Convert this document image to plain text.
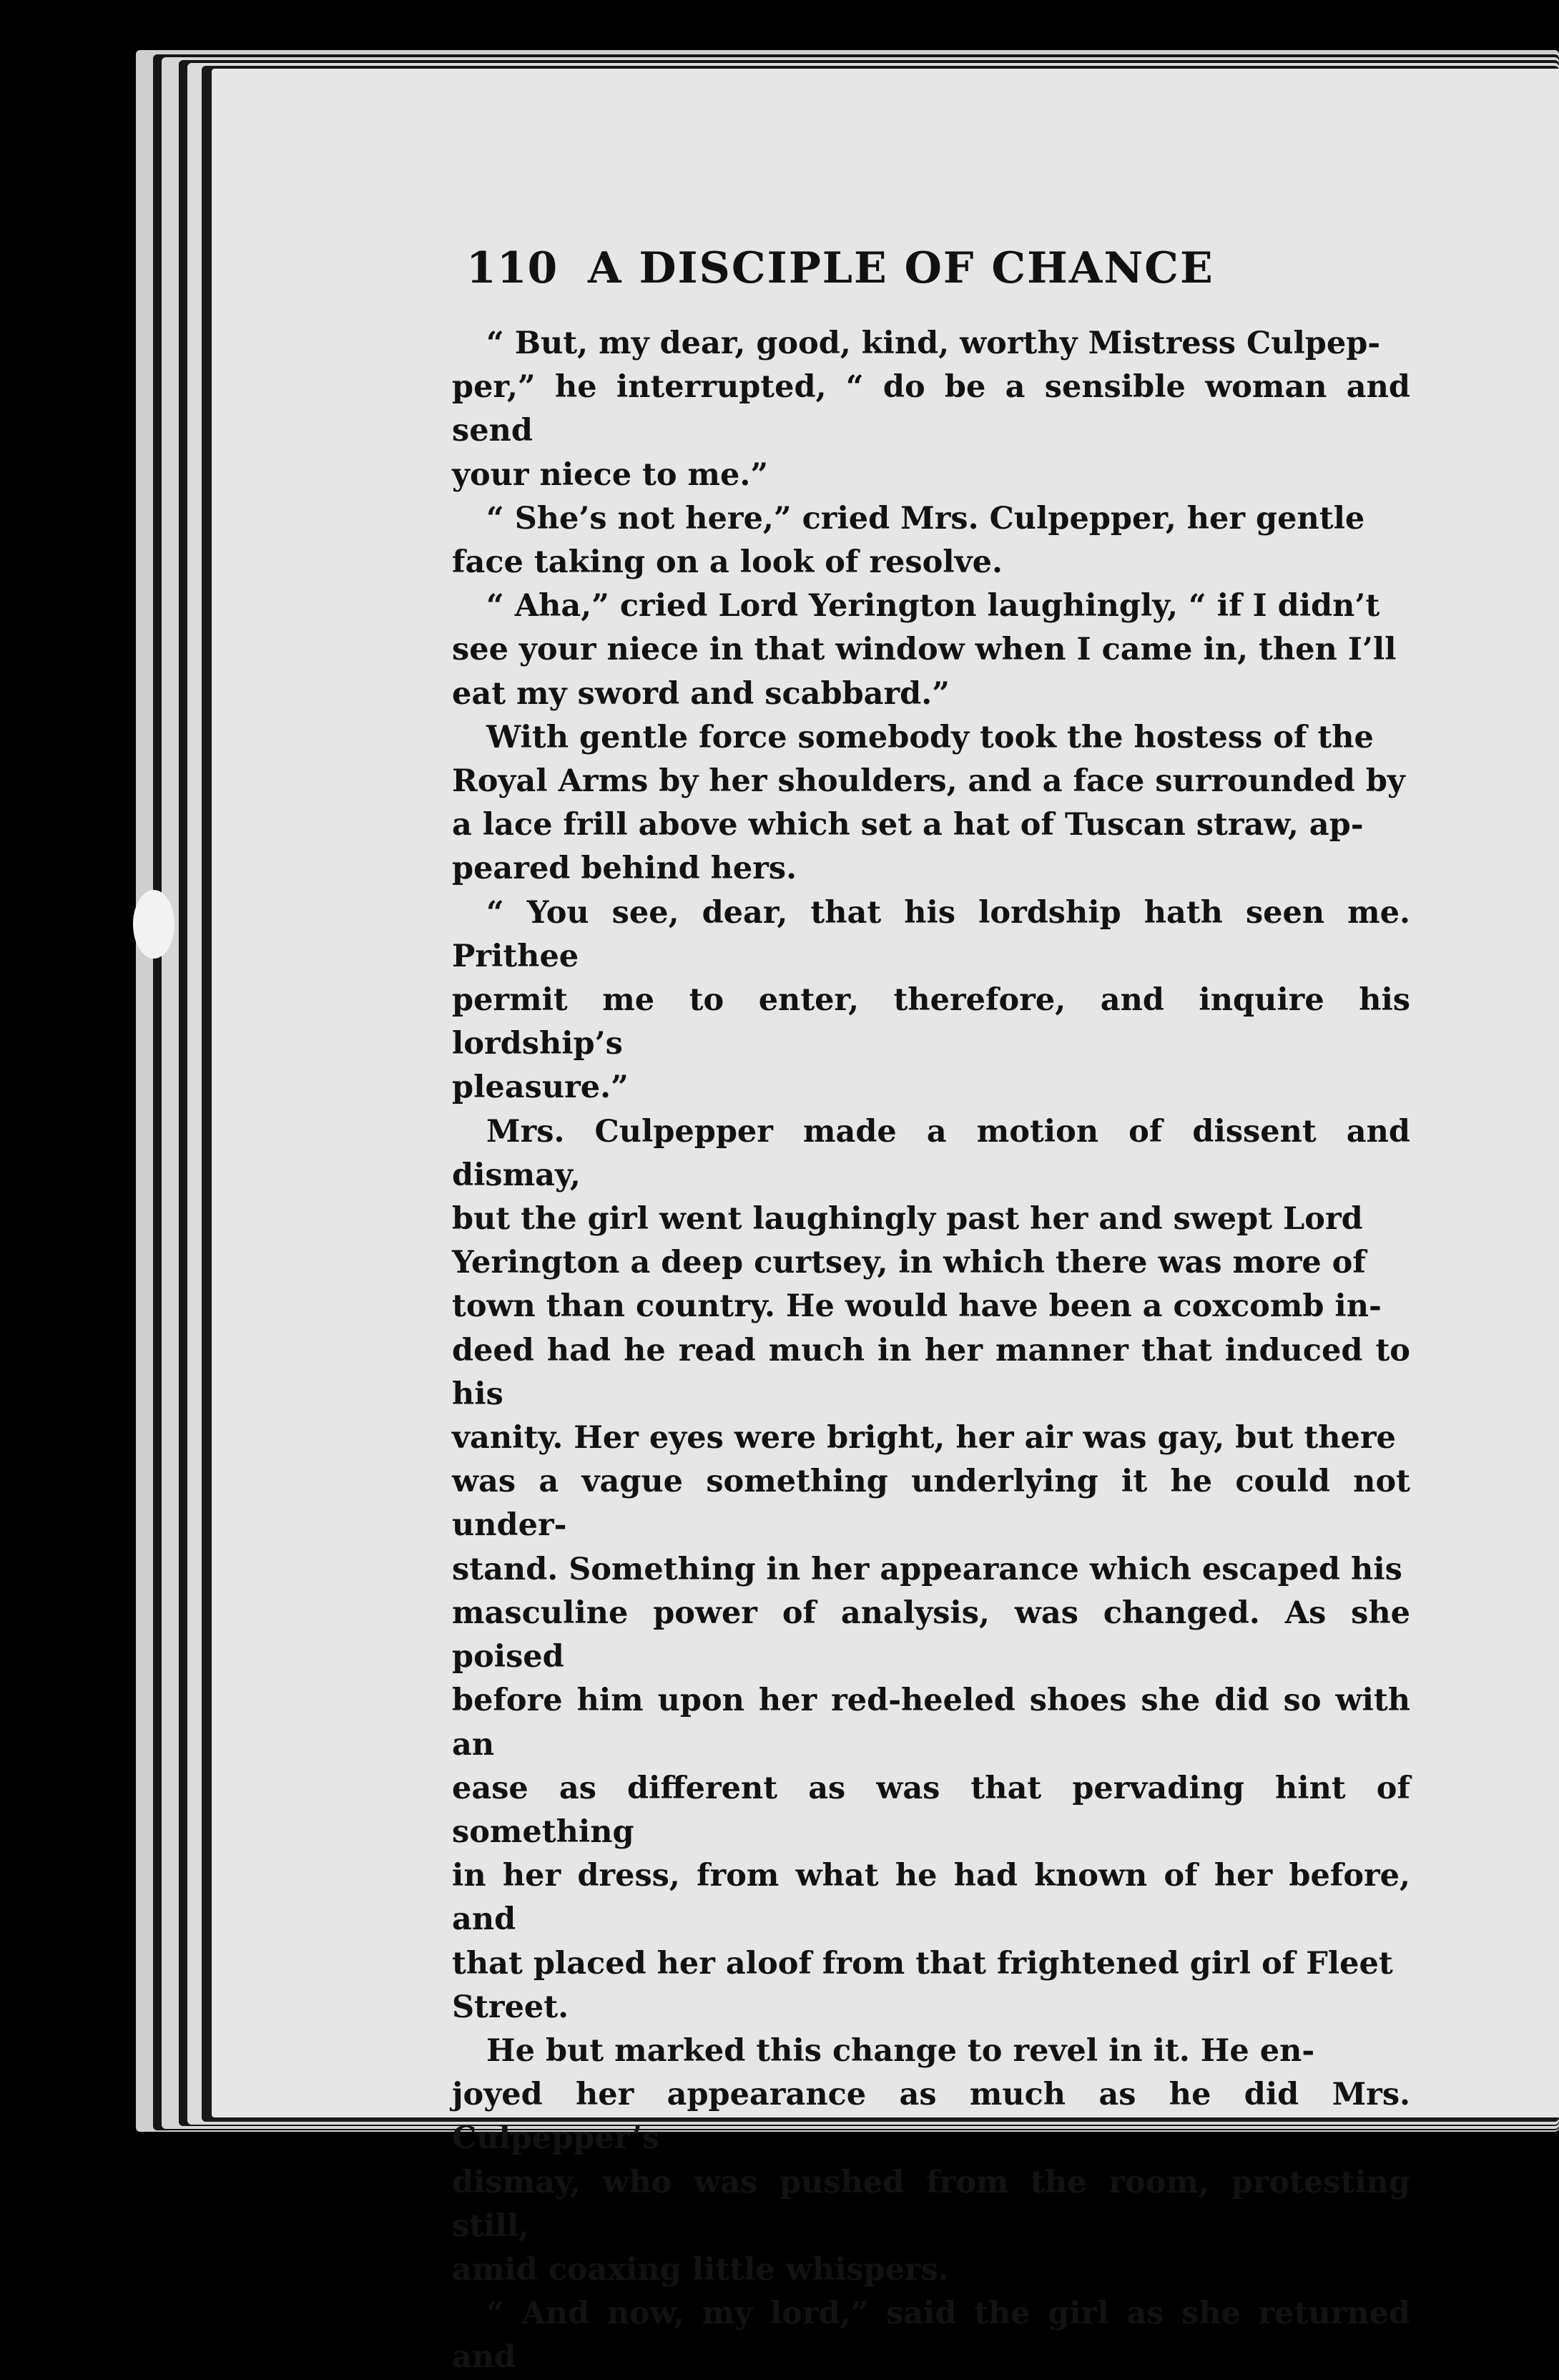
110 A DISCIPLE OF CHANCE

“ But, my dear, good, kind, worthy Mistress Culpep-
per,” he interrupted, “ do be a sensible woman and send
your niece to me.”

“ She’s not here,” cried Mrs. Culpepper, her gentle
face taking on a look of resolve.

“ Aha,” cried Lord Yerington laughingly, “ if I didn’t
see your niece in that window when I came in, then I’ll
eat my sword and scabbard.”

With gentle force somebody took the hostess of the
Royal Arms by her shoulders, and a face surrounded by
a lace frill above which set a hat of Tuscan straw, ap-
peared behind hers.

“ You see, dear, that his lordship hath seen me. Prithee
permit me to enter, therefore, and inquire his lordship’s
pleasure.”

Mrs. Culpepper made a motion of dissent and dismay,
but the girl went laughingly past her and swept Lord
Yerington a deep curtsey, in which there was more of
town than country. He would have been a coxcomb in-
deed had he read much in her manner that induced to his
vanity. Her eyes were bright, her air was gay, but there
was a vague something underlying it he could not under-
stand. Something in her appearance which escaped his
masculine power of analysis, was changed. As she poised
before him upon her red-heeled shoes she did so with an
ease as different as was that pervading hint of something
in her dress, from what he had known of her before, and
that placed her aloof from that frightened girl of Fleet
Street.

He but marked this change to revel in it. He en-
joyed her appearance as much as he did Mrs. Culpepper’s
dismay, who was pushed from the room, protesting still,
amid coaxing little whispers.

“ And now, my lord,” said the girl as she returned and
